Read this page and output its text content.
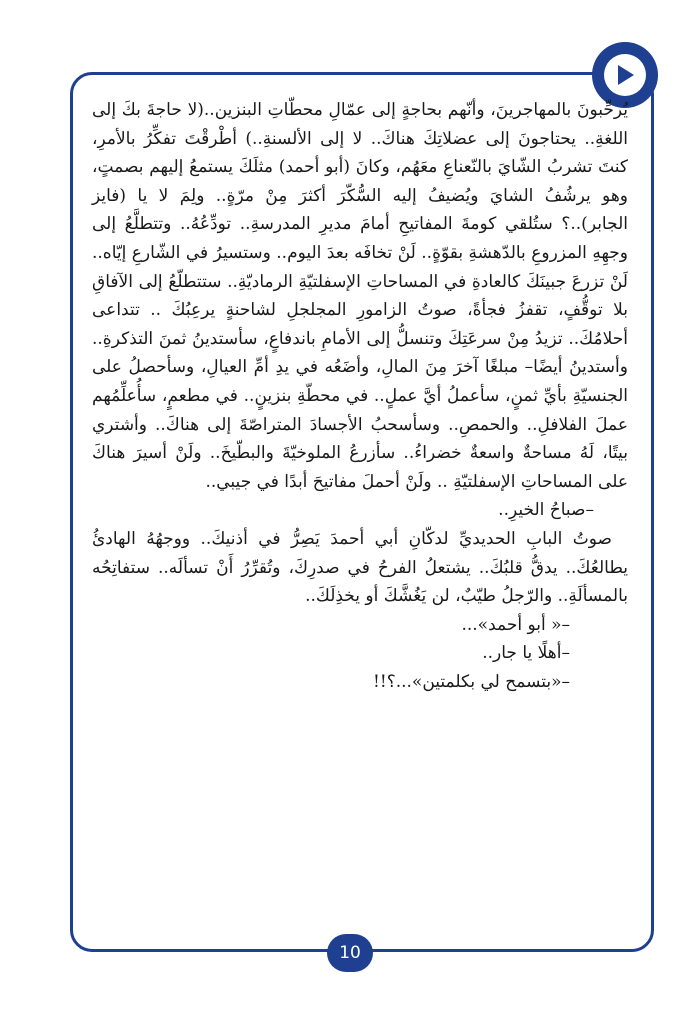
يُرحِّبونَ بالمهاجرينَ، وأنّهم بحاجةٍ إلى عمّالِ محطّاتِ البنزين..(لا حاجةَ بكَ إلى اللغةِ.. يحتاجونَ إلى عضلاتِكَ هناكَ.. لا إلى الألسنةِ..) أطْرقْتَ تفكِّرُ بالأمرِ، كنتَ تشربُ الشّايَ بالنّعناعِ معَهُم، وكانَ (أبو أحمد) مثلَكَ يستمعُ إليهم بصمتٍ، وهو يرشُفُ الشايَ ويُضيفُ إليه السُّكّرَ أكثرَ مِنْ مرّةٍ.. ولِمَ لا يا (فايز الجابر)..؟ ستُلقي كومةَ المفاتيحِ أمامَ مديرِ المدرسةِ.. تودِّعُهُ.. وتتطلَّعُ إلى وجهِهِ المزروعِ بالدّهشةِ بقوّةٍ.. لَنْ تخافَه بعدَ اليوم.. وستسيرُ في الشّارعِ إيّاه.. لَنْ تزرعَ جبينَكَ كالعادةِ في المساحاتِ الإسفلتيّةِ الرماديّةِ.. ستتطلّعُ إلى الآفاقِ بلا توقُّفٍ، تقفزُ فجأةً، صوتُ الزامورِ المجلجلِ لشاحنةٍ يرعِبُكَ .. تتداعى أحلامُكَ.. تزيدُ مِنْ سرعَتِكَ وتنسلُّ إلى الأمامِ باندفاعٍ، سأستدينُ ثمنَ التذكرةِ.. وأستدينُ أيضًا– مبلغًا آخرَ مِنَ المالِ، وأضَعُه في يدِ أمِّ العيالِ، وسأحصلُ على الجنسيّةِ بأيِّ ثمنٍ، سأعملُ أيَّ عملٍ.. في محطّةِ بنزينٍ.. في مطعمٍ، سأُعلِّمُهم عملَ الفلافلِ.. والحمصِ.. وسأسحبُ الأجسادَ المتراصّةَ إلى هناكَ.. وأشتري بيتًا، لَهُ مساحةٌ واسعةٌ خضراءُ.. سأزرعُ الملوخيّةَ والبطّيخَ.. ولَنْ أسيرَ هناكَ على المساحاتِ الإسفلتيّةِ .. ولَنْ أحملَ مفاتيحَ أبدًا في جيبي..

–صباحُ الخيرِ..

صوتُ البابِ الحديديِّ لدكّانِ أبي أحمدَ يَصِرُّ في أذنيكَ.. ووجهُهُ الهادئُ يطالعُكَ.. يدقُّ قلبُكَ.. يشتعلُ الفرحُ في صدرِكَ، وتُقرِّرُ أَنْ تسألَه.. ستفاتِحُه بالمسألَةِ.. والرّجلُ طيّبٌ، لن يَغُشَّكَ أو يخذِلَكَ..

–« أبو أحمد»...

–أهلًا يا جار..

–«بتسمح لي بكلمتين»...؟!!

10
